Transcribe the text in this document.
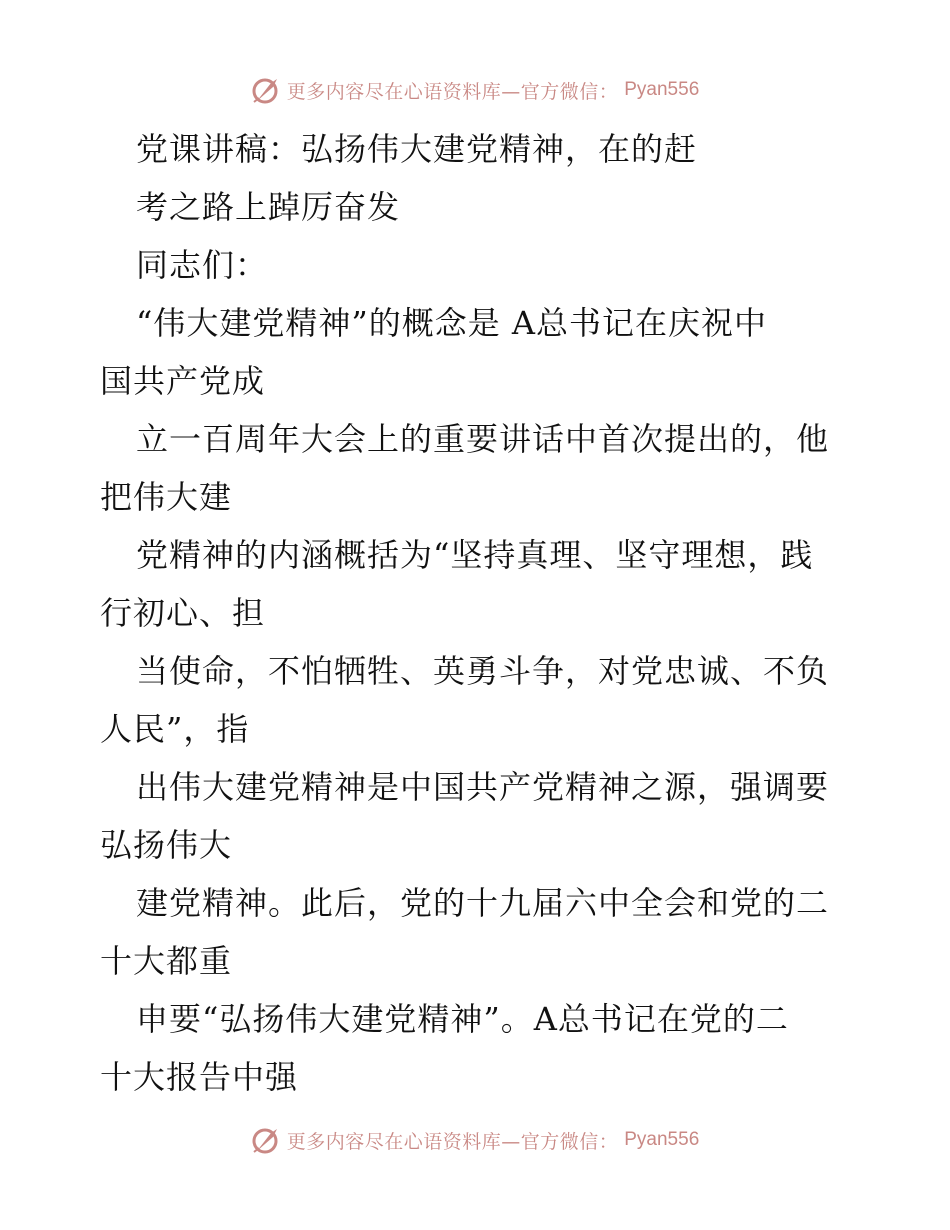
更多内容尽在心语资料库—官方微信： Pyan556
党课讲稿：弘扬伟大建党精神，在的赶
考之路上踔厉奋发
同志们：
“伟大建党精神”的概念是 A总书记在庆祝中
国共产党成
立一百周年大会上的重要讲话中首次提出的，他
把伟大建
党精神的内涵概括为“坚持真理、坚守理想，践
行初心、担
当使命，不怕牺牲、英勇斗争，对党忠诚、不负
人民”，指
出伟大建党精神是中国共产党精神之源，强调要
弘扬伟大
建党精神。此后，党的十九届六中全会和党的二
十大都重
申要“弘扬伟大建党精神”。A总书记在党的二
十大报告中强
更多内容尽在心语资料库—官方微信： Pyan556
